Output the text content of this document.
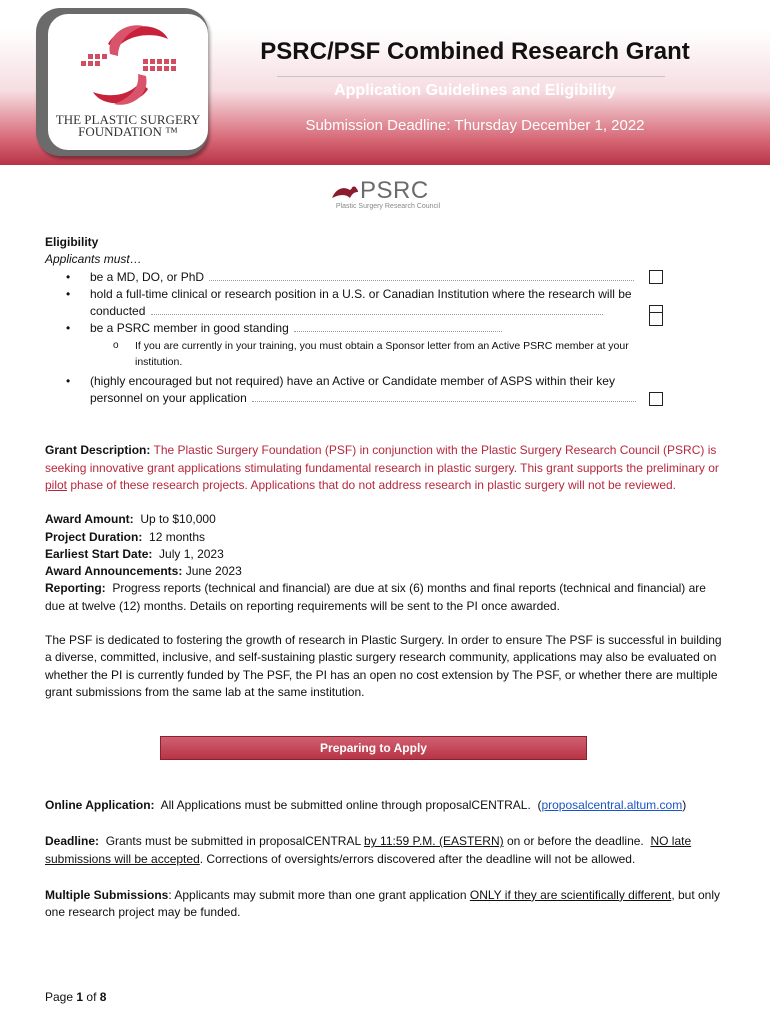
THE PLASTIC SURGERY
FOUNDATION ™
PSRC/PSF Combined Research Grant
Application Guidelines and Eligibility
Submission Deadline: Thursday December 1, 2022
PSRC
Plastic Surgery Research Council

Eligibility

Applicants must…

• be a MD, DO, or PhD
• hold a full-time clinical or research position in a U.S. or Canadian Institution where the research will be conducted
• be a PSRC member in good standing
o If you are currently in your training, you must obtain a Sponsor letter from an Active PSRC member at your institution.
• (highly encouraged but not required) have an Active or Candidate member of ASPS within their key personnel on your application

Grant Description: The Plastic Surgery Foundation (PSF) in conjunction with the Plastic Surgery Research Council (PSRC) is seeking innovative grant applications stimulating fundamental research in plastic surgery. This grant supports the preliminary or pilot phase of these research projects. Applications that do not address research in plastic surgery will not be reviewed.

Award Amount: Up to $10,000

Project Duration: 12 months

Earliest Start Date: July 1, 2023

Award Announcements: June 2023

Reporting: Progress reports (technical and financial) are due at six (6) months and final reports (technical and financial) are due at twelve (12) months. Details on reporting requirements will be sent to the PI once awarded.

The PSF is dedicated to fostering the growth of research in Plastic Surgery. In order to ensure The PSF is successful in building a diverse, committed, inclusive, and self-sustaining plastic surgery research community, applications may also be evaluated on whether the PI is currently funded by The PSF, the PI has an open no cost extension by The PSF, or whether there are multiple grant submissions from the same lab at the same institution.

Preparing to Apply

Online Application: All Applications must be submitted online through proposalCENTRAL.  (proposalcentral.altum.com)

Deadline: Grants must be submitted in proposalCENTRAL by 11:59 P.M. (EASTERN) on or before the deadline. NO late submissions will be accepted. Corrections of oversights/errors discovered after the deadline will not be allowed.

Multiple Submissions: Applicants may submit more than one grant application ONLY if they are scientifically different, but only one research project may be funded.

Page 1 of 8
